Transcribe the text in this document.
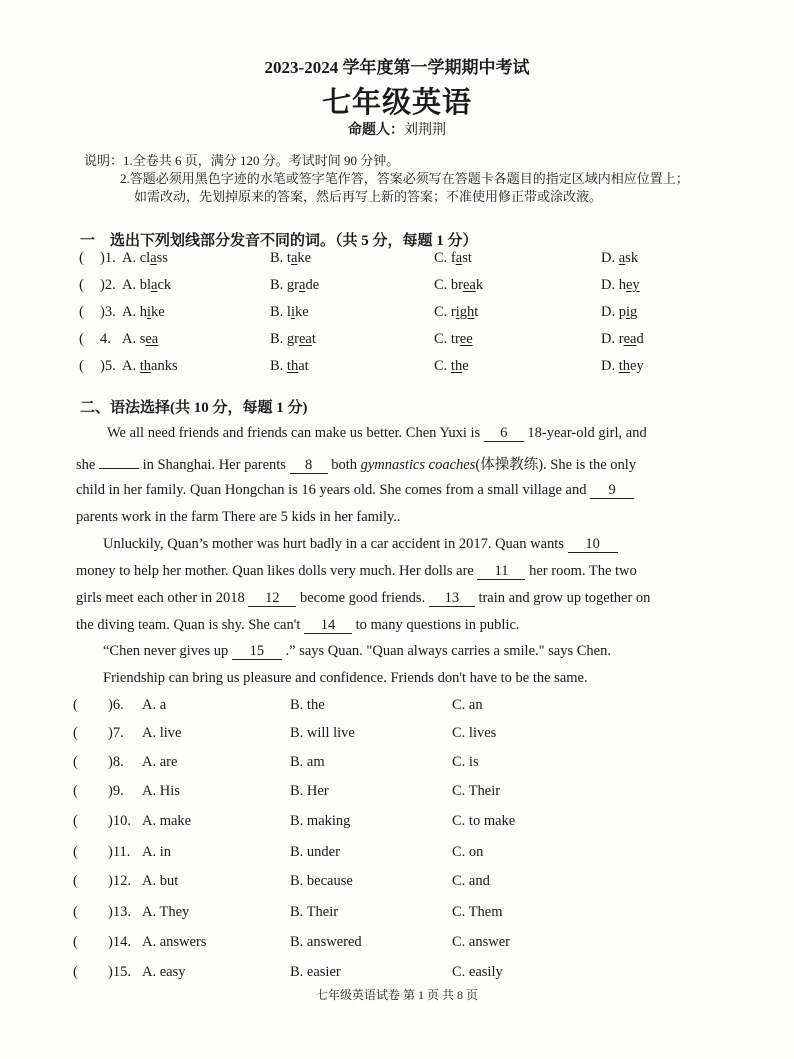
2023-2024 学年度第一学期期中考试
七年级英语
命题人：刘荆荆
说明：1.全卷共 6 页，满分 120 分。考试时间 90 分钟。
2.答题必须用黑色字迹的水笔或签字笔作答，答案必须写在答题卡各题目的指定区域内相应位置上；
如需改动，先划掉原来的答案，然后再写上新的答案；不准使用修正带或涂改液。
一　选出下列划线部分发音不同的词。（共 5 分，每题 1 分）
( )1. A. class	B. take	C. fast	D. ask
( )2. A. black	B. grade	C. break	D. hey
( )3. A. hike	B. like	C. right	D. pig
( 4. A. sea	B. great	C. tree	D. read
( )5. A. thanks	B. that	C. the	D. they
二、语法选择(共 10 分，每题 1 分)
We all need friends and friends can make us better. Chen Yuxi is 6 18-year-old girl, and
she	in Shanghai. Her parents 8 both gymnastics coaches(体操教练). She is the only
child in her family. Quan Hongchan is 16 years old. She comes from a small village and 9
parents work in the farm There are 5 kids in her family..
Unluckily, Quan’s mother was hurt badly in a car accident in 2017. Quan wants 10
money to help her mother. Quan likes dolls very much. Her dolls are 11 her room. The two
girls meet each other in 2018 12 become good friends. 13 train and grow up together on
the diving team. Quan is shy. She can't 14 to many questions in public.
“Chen never gives up 15 .” says Quan. "Quan always carries a smile." says Chen.
Friendship can bring us pleasure and confidence. Friends don't have to be the same.
( )6. A. a	B. the	C. an
( )7. A. live	B. will live	C. lives
( )8. A. are	B. am	C. is
( )9. A. His	B. Her	C. Their
( )10. A. make	B. making	C. to make
( )11. A. in	B. under	C. on
( )12. A. but	B. because	C. and
( )13. A. They	B. Their	C. Them
( )14. A. answers	B. answered	C. answer
( )15. A. easy	B. easier	C. easily
七年级英语试卷 第 1 页 共 8 页
